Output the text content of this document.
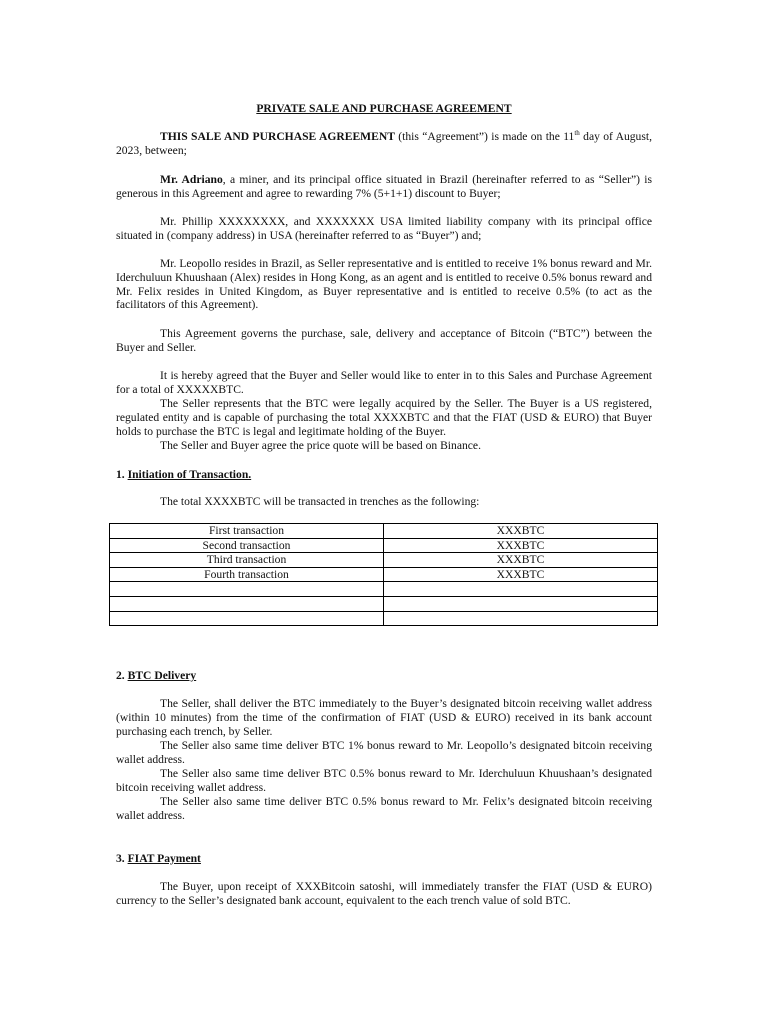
PRIVATE SALE AND PURCHASE AGREEMENT
THIS SALE AND PURCHASE AGREEMENT (this “Agreement”) is made on the 11th day of August, 2023, between;
Mr. Adriano, a miner, and its principal office situated in Brazil (hereinafter referred to as “Seller”) is generous in this Agreement and agree to rewarding 7% (5+1+1) discount to Buyer;
Mr. Phillip XXXXXXXX, and XXXXXXX USA limited liability company with its principal office situated in (company address) in USA (hereinafter referred to as “Buyer”) and;
Mr. Leopollo resides in Brazil, as Seller representative and is entitled to receive 1% bonus reward and Mr. Iderchuluun Khuushaan (Alex) resides in Hong Kong, as an agent and is entitled to receive 0.5% bonus reward and Mr. Felix resides in United Kingdom, as Buyer representative and is entitled to receive 0.5% (to act as the facilitators of this Agreement).
This Agreement governs the purchase, sale, delivery and acceptance of Bitcoin (“BTC”) between the Buyer and Seller.
It is hereby agreed that the Buyer and Seller would like to enter in to this Sales and Purchase Agreement for a total of XXXXXBTC.
The Seller represents that the BTC were legally acquired by the Seller. The Buyer is a US registered, regulated entity and is capable of purchasing the total XXXXBTC and that the FIAT (USD & EURO) that Buyer holds to purchase the BTC is legal and legitimate holding of the Buyer.
The Seller and Buyer agree the price quote will be based on Binance.
1. Initiation of Transaction.
The total XXXXBTC will be transacted in trenches as the following:
First transaction	XXXBTC
Second transaction	XXXBTC
Third transaction	XXXBTC
Fourth transaction	XXXBTC

2. BTC Delivery
The Seller, shall deliver the BTC immediately to the Buyer’s designated bitcoin receiving wallet address (within 10 minutes) from the time of the confirmation of FIAT (USD & EURO) received in its bank account purchasing each trench, by Seller.
The Seller also same time deliver BTC 1% bonus reward to Mr. Leopollo’s designated bitcoin receiving wallet address.
The Seller also same time deliver BTC 0.5% bonus reward to Mr. Iderchuluun Khuushaan’s designated bitcoin receiving wallet address.
The Seller also same time deliver BTC 0.5% bonus reward to Mr. Felix’s designated bitcoin receiving wallet address.
3. FIAT Payment
The Buyer, upon receipt of XXXBitcoin satoshi, will immediately transfer the FIAT (USD & EURO) currency to the Seller’s designated bank account, equivalent to the each trench value of sold BTC.
